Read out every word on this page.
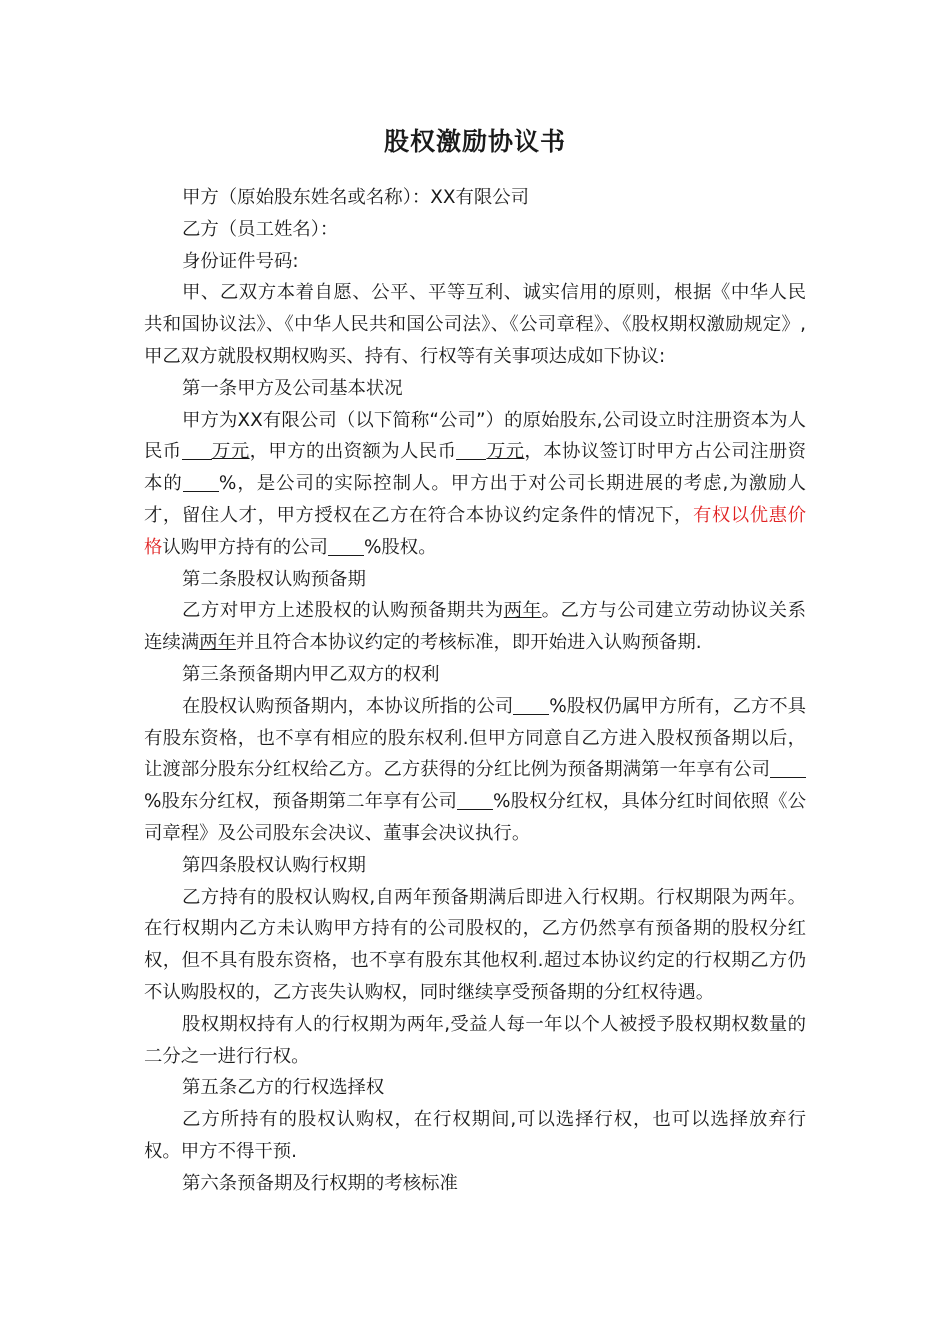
股权激励协议书

甲方（原始股东姓名或名称）：XX有限公司

乙方（员工姓名）：

身份证件号码:

甲、乙双方本着自愿、公平、平等互利、诚实信用的原则，根据《中华人民共和国协议法》、《中华人民共和国公司法》、《公司章程》、《股权期权激励规定》,甲乙双方就股权期权购买、持有、行权等有关事项达成如下协议:

第一条甲方及公司基本状况

甲方为XX有限公司（以下简称“公司”）的原始股东,公司设立时注册资本为人民币 万元，甲方的出资额为人民币 万元，本协议签订时甲方占公司注册资本的 %，是公司的实际控制人。甲方出于对公司长期进展的考虑,为激励人才，留住人才，甲方授权在乙方在符合本协议约定条件的情况下，有权以优惠价格认购甲方持有的公司 %股权。

第二条股权认购预备期

乙方对甲方上述股权的认购预备期共为两年。乙方与公司建立劳动协议关系连续满两年并且符合本协议约定的考核标准，即开始进入认购预备期.

第三条预备期内甲乙双方的权利

在股权认购预备期内，本协议所指的公司 %股权仍属甲方所有，乙方不具有股东资格，也不享有相应的股东权利.但甲方同意自乙方进入股权预备期以后，让渡部分股东分红权给乙方。乙方获得的分红比例为预备期满第一年享有公司%股东分红权，预备期第二年享有公司 %股权分红权，具体分红时间依照《公司章程》及公司股东会决议、董事会决议执行。

第四条股权认购行权期

乙方持有的股权认购权,自两年预备期满后即进入行权期。行权期限为两年。在行权期内乙方未认购甲方持有的公司股权的，乙方仍然享有预备期的股权分红权，但不具有股东资格，也不享有股东其他权利.超过本协议约定的行权期乙方仍不认购股权的，乙方丧失认购权，同时继续享受预备期的分红权待遇。

股权期权持有人的行权期为两年,受益人每一年以个人被授予股权期权数量的二分之一进行行权。

第五条乙方的行权选择权

乙方所持有的股权认购权，在行权期间,可以选择行权，也可以选择放弃行权。甲方不得干预.

第六条预备期及行权期的考核标准
